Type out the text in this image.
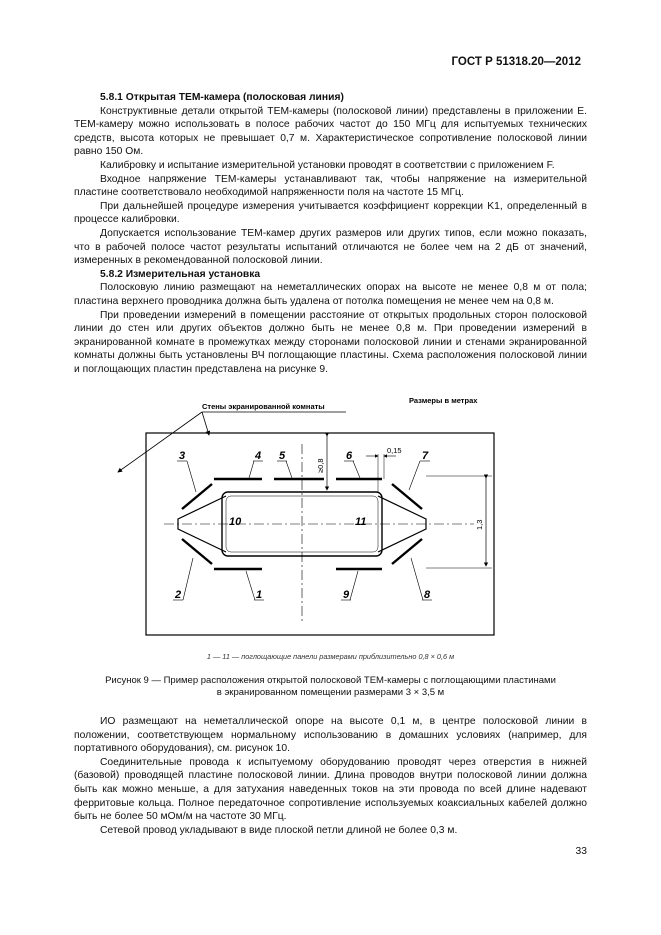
ГОСТ Р 51318.20—2012
5.8.1 Открытая ТЕМ-камера (полосковая линия)

Конструктивные детали открытой ТЕМ-камеры (полосковой линии) представлены в приложении Е. ТЕМ-камеру можно использовать в полосе рабочих частот до 150 МГц для испытуемых технических средств, высота которых не превышает 0,7 м. Характеристическое сопротивление полосковой линии равно 150 Ом.

Калибровку и испытание измерительной установки проводят в соответствии с приложением F.

Входное напряжение ТЕМ-камеры устанавливают так, чтобы напряжение на измерительной пластине соответствовало необходимой напряженности поля на частоте 15 МГц.

При дальнейшей процедуре измерения учитывается коэффициент коррекции K1, определенный в процессе калибровки.

Допускается использование ТЕМ-камер других размеров или других типов, если можно показать, что в рабочей полосе частот результаты испытаний отличаются не более чем на 2 дБ от значений, измеренных в рекомендованной полосковой линии.

5.8.2 Измерительная установка

Полосковую линию размещают на неметаллических опорах на высоте не менее 0,8 м от пола; пластина верхнего проводника должна быть удалена от потолка помещения не менее чем на 0,8 м.

При проведении измерений в помещении расстояние от открытых продольных сторон полосковой линии до стен или других объектов должно быть не менее 0,8 м. При проведении измерений в экранированной комнате в промежутках между сторонами полосковой линии и стенами экранированной комнаты должны быть установлены ВЧ поглощающие пластины. Схема расположения полосковой линии и поглощающих пластин представлена на рисунке 9.

Стены экранированной комнаты
Размеры в метрах
3	4 5	6	7
2	1	9	8
10	11
≥0,8
0,15
1,3
1 — 11 — поглощающие панели размерами приблизительно 0,8 × 0,6 м
Рисунок 9 — Пример расположения открытой полосковой ТЕМ-камеры с поглощающими пластинами
в экранированном помещении размерами 3 × 3,5 м

ИО размещают на неметаллической опоре на высоте 0,1 м, в центре полосковой линии в положении, соответствующем нормальному использованию в домашних условиях (например, для портативного оборудования), см. рисунок 10.

Соединительные провода к испытуемому оборудованию проводят через отверстия в нижней (базовой) проводящей пластине полосковой линии. Длина проводов внутри полосковой линии должна быть как можно меньше, а для затухания наведенных токов на эти провода по всей длине надевают ферритовые кольца. Полное передаточное сопротивление используемых коаксиальных кабелей должно быть не более 50 мОм/м на частоте 30 МГц.

Сетевой провод укладывают в виде плоской петли длиной не более 0,3 м.

33
